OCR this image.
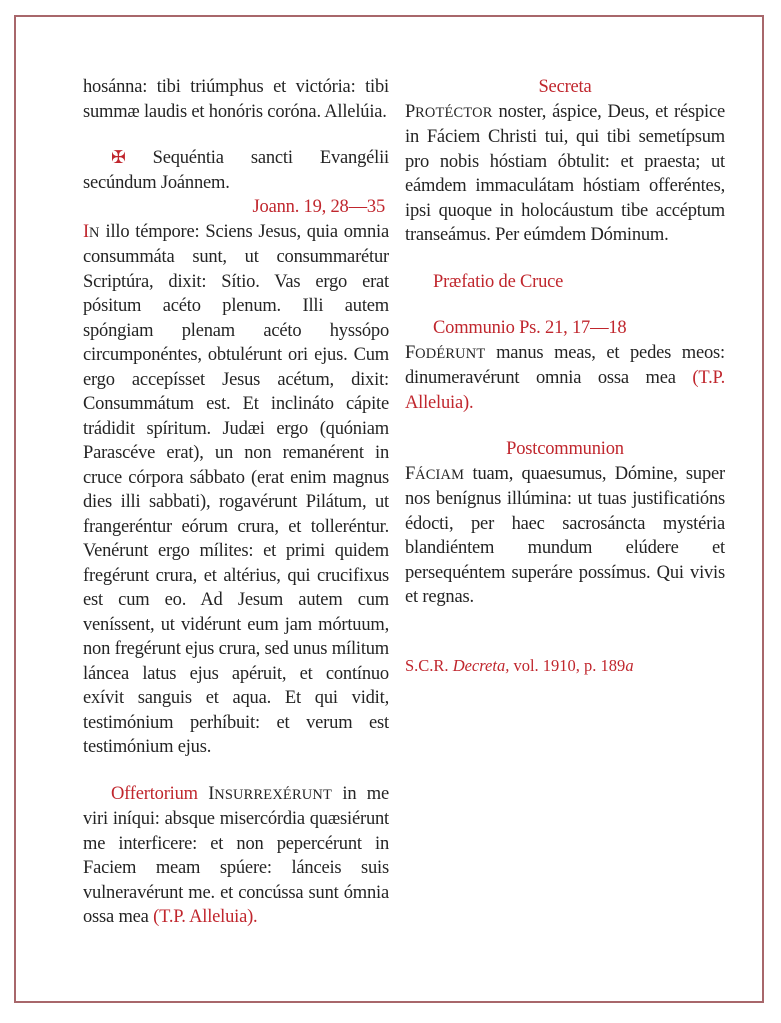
hosánna: tibi triúmphus et victória: tibi summæ laudis et honóris coróna. Allelúia.
✠ Sequéntia sancti Evangélii secúndum Joánnem.
Joann. 19, 28—35
IN illo témpore: Sciens Jesus, quia omnia consummáta sunt, ut consummarétur Scriptúra, dixit: Sítio. Vas ergo erat pósitum acéto plenum. Illi autem spóngiam plenam acéto hyssópo circumponéntes, obtulérunt ori ejus. Cum ergo accepísset Jesus acétum, dixit: Consummátum est. Et inclináto cápite trádidit spíritum. Judæi ergo (quóniam Parascéve erat), un non remanérent in cruce córpora sábbato (erat enim magnus dies illi sabbati), rogavérunt Pilátum, ut frangeréntur eórum crura, et tolleréntur. Venérunt ergo mílites: et primi quidem fregérunt crura, et altérius, qui crucifixus est cum eo. Ad Jesum autem cum veníssent, ut vidérunt eum jam mórtuum, non fregérunt ejus crura, sed unus mílitum láncea latus ejus apéruit, et contínuo exívit sanguis et aqua. Et qui vidit, testimónium perhíbuit: et verum est testimónium ejus.
Offertorium INSURREXÉRUNT in me viri iníqui: absque misercórdia quæsiérunt me interficere: et non pepercérunt in Faciem meam spúere: lánceis suis vulneravérunt me. et concússa sunt ómnia ossa mea (T.P. Alleluia).
Secreta
PROTÉCTOR noster, áspice, Deus, et réspice in Fáciem Christi tui, qui tibi semetípsum pro nobis hóstiam óbtulit: et praesta; ut eámdem immaculátam hóstiam offeréntes, ipsi quoque in holocáustum tibe accéptum transeámus. Per eúmdem Dóminum.
Præfatio de Cruce
Communio Ps. 21, 17—18
FODÉRUNT manus meas, et pedes meos: dinumeravérunt omnia ossa mea (T.P. Alleluia).
Postcommunion
FÁCIAM tuam, quaesumus, Dómine, super nos benígnus illúmina: ut tuas justificatións édocti, per haec sacrosáncta mystéria blandiéntem mundum elúdere et persequéntem superáre possímus. Qui vivis et regnas.
S.C.R. Decreta, vol. 1910, p. 189a
